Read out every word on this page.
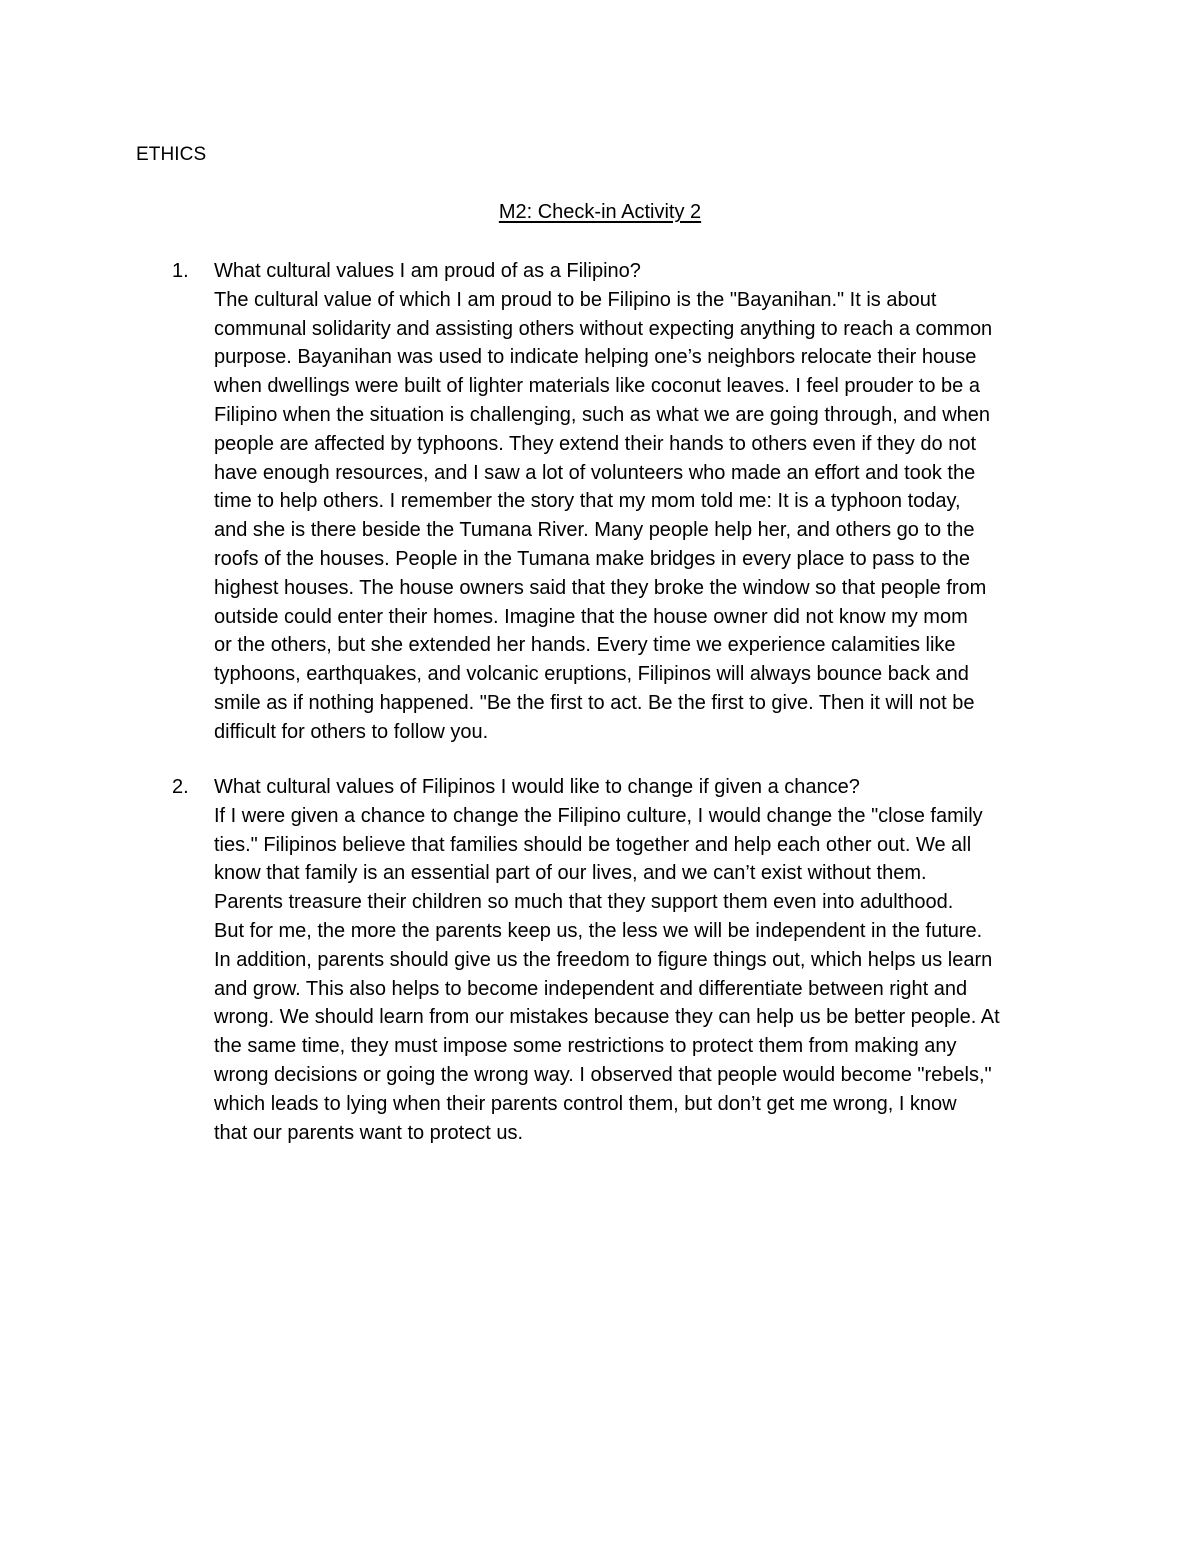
ETHICS
M2: Check-in Activity 2
1.	What cultural values I am proud of as a Filipino?
The cultural value of which I am proud to be Filipino is the "Bayanihan." It is about
communal solidarity and assisting others without expecting anything to reach a common
purpose. Bayanihan was used to indicate helping one’s neighbors relocate their house
when dwellings were built of lighter materials like coconut leaves. I feel prouder to be a
Filipino when the situation is challenging, such as what we are going through, and when
people are affected by typhoons. They extend their hands to others even if they do not
have enough resources, and I saw a lot of volunteers who made an effort and took the
time to help others. I remember the story that my mom told me: It is a typhoon today,
and she is there beside the Tumana River. Many people help her, and others go to the
roofs of the houses. People in the Tumana make bridges in every place to pass to the
highest houses. The house owners said that they broke the window so that people from
outside could enter their homes. Imagine that the house owner did not know my mom
or the others, but she extended her hands. Every time we experience calamities like
typhoons, earthquakes, and volcanic eruptions, Filipinos will always bounce back and
smile as if nothing happened. "Be the first to act. Be the first to give. Then it will not be
difficult for others to follow you.
2.	What cultural values of Filipinos I would like to change if given a chance?
If I were given a chance to change the Filipino culture, I would change the "close family
ties." Filipinos believe that families should be together and help each other out. We all
know that family is an essential part of our lives, and we can’t exist without them.
Parents treasure their children so much that they support them even into adulthood.
But for me, the more the parents keep us, the less we will be independent in the future.
In addition, parents should give us the freedom to figure things out, which helps us learn
and grow. This also helps to become independent and differentiate between right and
wrong. We should learn from our mistakes because they can help us be better people. At
the same time, they must impose some restrictions to protect them from making any
wrong decisions or going the wrong way. I observed that people would become "rebels,"
which leads to lying when their parents control them, but don’t get me wrong, I know
that our parents want to protect us.
